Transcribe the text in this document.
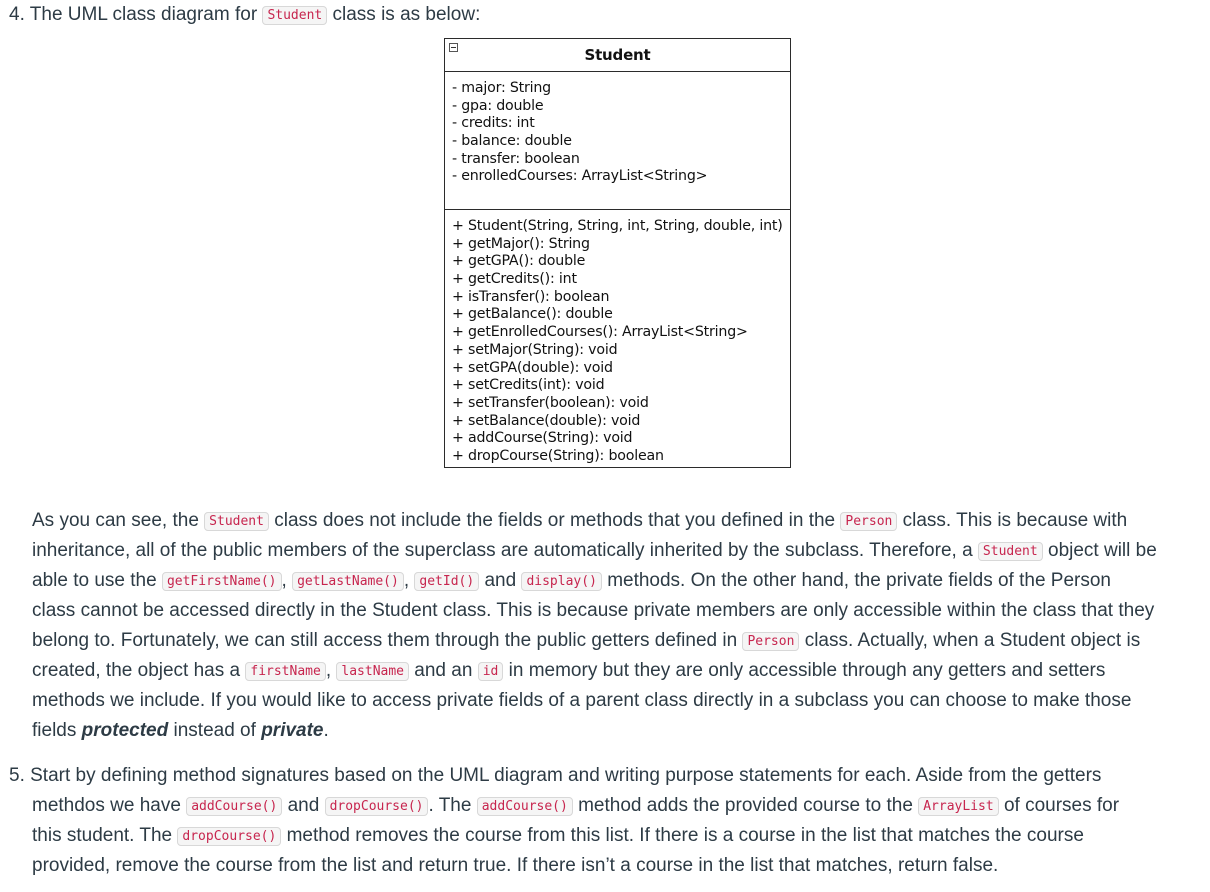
4. The UML class diagram for Student class is as below:
Student
- major: String
- gpa: double
- credits: int
- balance: double
- transfer: boolean
- enrolledCourses: ArrayList<String>
+ Student(String, String, int, String, double, int)
+ getMajor(): String
+ getGPA(): double
+ getCredits(): int
+ isTransfer(): boolean
+ getBalance(): double
+ getEnrolledCourses(): ArrayList<String>
+ setMajor(String): void
+ setGPA(double): void
+ setCredits(int): void
+ setTransfer(boolean): void
+ setBalance(double): void
+ addCourse(String): void
+ dropCourse(String): boolean
As you can see, the Student class does not include the fields or methods that you defined in the Person class. This is because with
inheritance, all of the public members of the superclass are automatically inherited by the subclass. Therefore, a Student object will be
able to use the getFirstName() , getLastName() , getId() and display() methods. On the other hand, the private fields of the Person
class cannot be accessed directly in the Student class. This is because private members are only accessible within the class that they
belong to. Fortunately, we can still access them through the public getters defined in Person class. Actually, when a Student object is
created, the object has a firstName , lastName and an id in memory but they are only accessible through any getters and setters
methods we include. If you would like to access private fields of a parent class directly in a subclass you can choose to make those
fields protected instead of private.
5. Start by defining method signatures based on the UML diagram and writing purpose statements for each. Aside from the getters
methdos we have addCourse() and dropCourse() . The addCourse() method adds the provided course to the ArrayList of courses for
this student. The dropCourse() method removes the course from this list. If there is a course in the list that matches the course
provided, remove the course from the list and return true. If there isn’t a course in the list that matches, return false.
